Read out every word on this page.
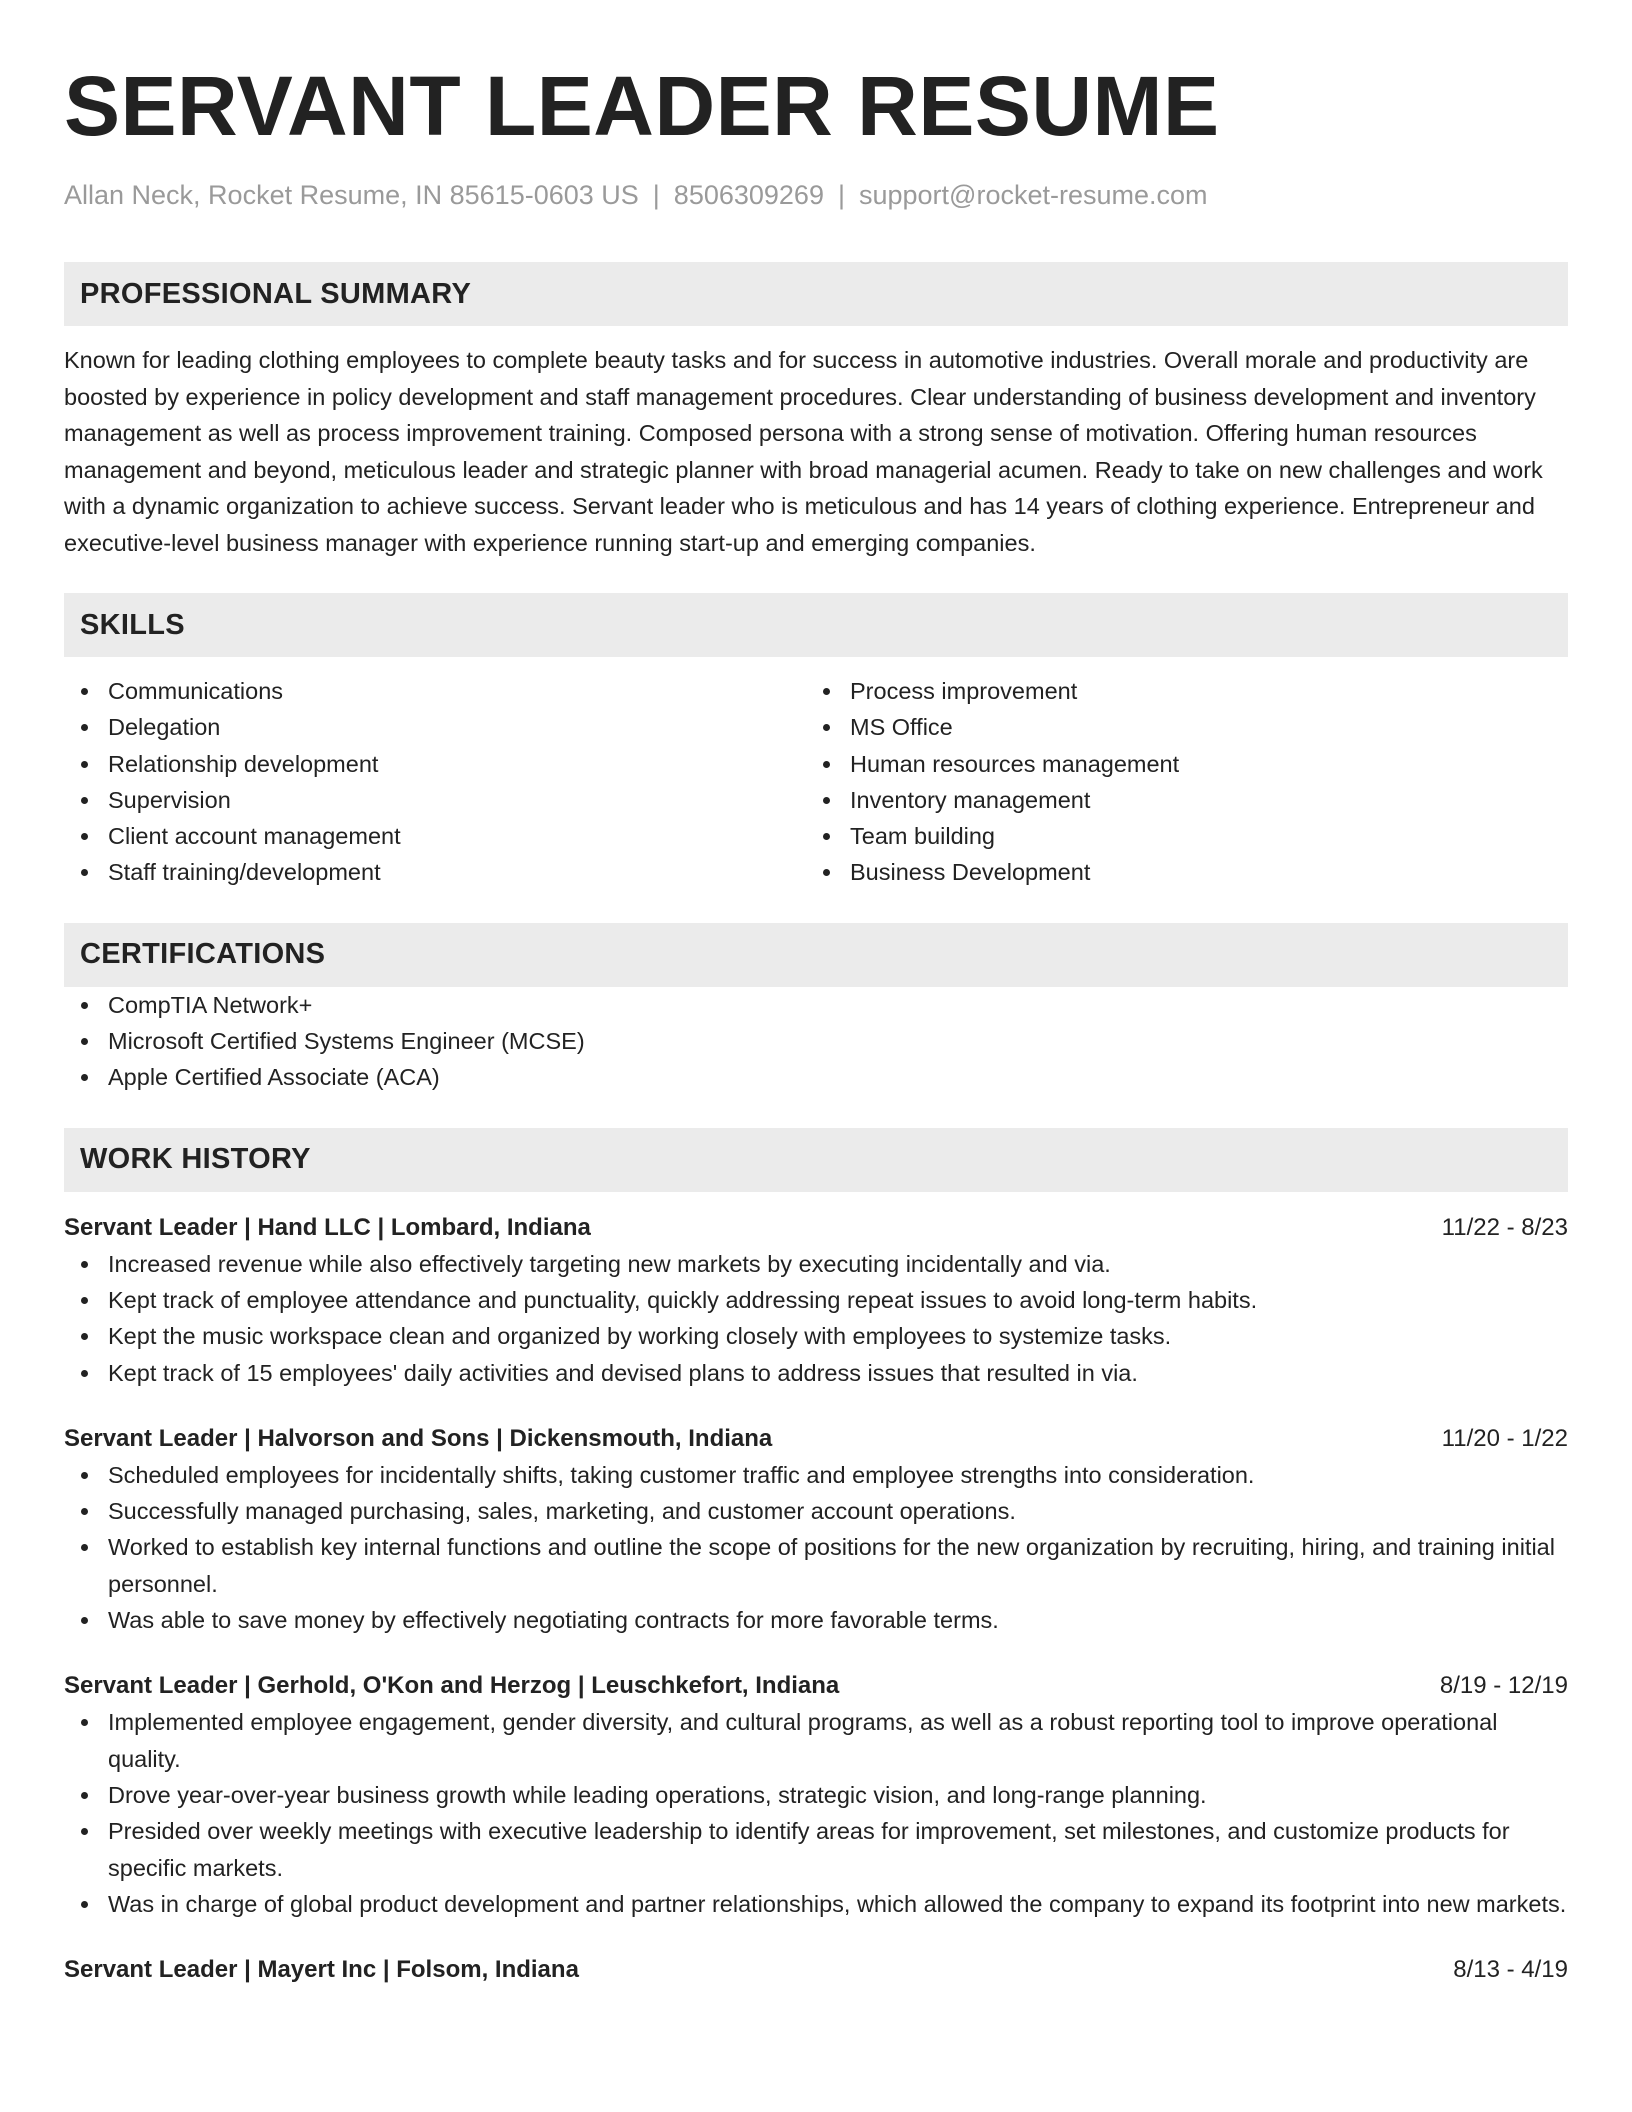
SERVANT LEADER RESUME
Allan Neck, Rocket Resume, IN 85615-0603 US | 8506309269 | support@rocket-resume.com
PROFESSIONAL SUMMARY

Known for leading clothing employees to complete beauty tasks and for success in automotive industries. Overall morale and productivity are boosted by experience in policy development and staff management procedures. Clear understanding of business development and inventory management as well as process improvement training. Composed persona with a strong sense of motivation. Offering human resources management and beyond, meticulous leader and strategic planner with broad managerial acumen. Ready to take on new challenges and work with a dynamic organization to achieve success. Servant leader who is meticulous and has 14 years of clothing experience. Entrepreneur and executive-level business manager with experience running start-up and emerging companies.

SKILLS
Communications
Delegation
Relationship development
Supervision
Client account management
Staff training/development
Process improvement
MS Office
Human resources management
Inventory management
Team building
Business Development
CERTIFICATIONS
CompTIA Network+
Microsoft Certified Systems Engineer (MCSE)
Apple Certified Associate (ACA)
WORK HISTORY
Servant Leader | Hand LLC | Lombard, Indiana	11/22 - 8/23
Increased revenue while also effectively targeting new markets by executing incidentally and via.
Kept track of employee attendance and punctuality, quickly addressing repeat issues to avoid long-term habits.
Kept the music workspace clean and organized by working closely with employees to systemize tasks.
Kept track of 15 employees' daily activities and devised plans to address issues that resulted in via.
Servant Leader | Halvorson and Sons | Dickensmouth, Indiana	11/20 - 1/22
Scheduled employees for incidentally shifts, taking customer traffic and employee strengths into consideration.
Successfully managed purchasing, sales, marketing, and customer account operations.
Worked to establish key internal functions and outline the scope of positions for the new organization by recruiting, hiring, and training initial personnel.
Was able to save money by effectively negotiating contracts for more favorable terms.
Servant Leader | Gerhold, O'Kon and Herzog | Leuschkefort, Indiana	8/19 - 12/19
Implemented employee engagement, gender diversity, and cultural programs, as well as a robust reporting tool to improve operational quality.
Drove year-over-year business growth while leading operations, strategic vision, and long-range planning.
Presided over weekly meetings with executive leadership to identify areas for improvement, set milestones, and customize products for specific markets.
Was in charge of global product development and partner relationships, which allowed the company to expand its footprint into new markets.
Servant Leader | Mayert Inc | Folsom, Indiana	8/13 - 4/19
